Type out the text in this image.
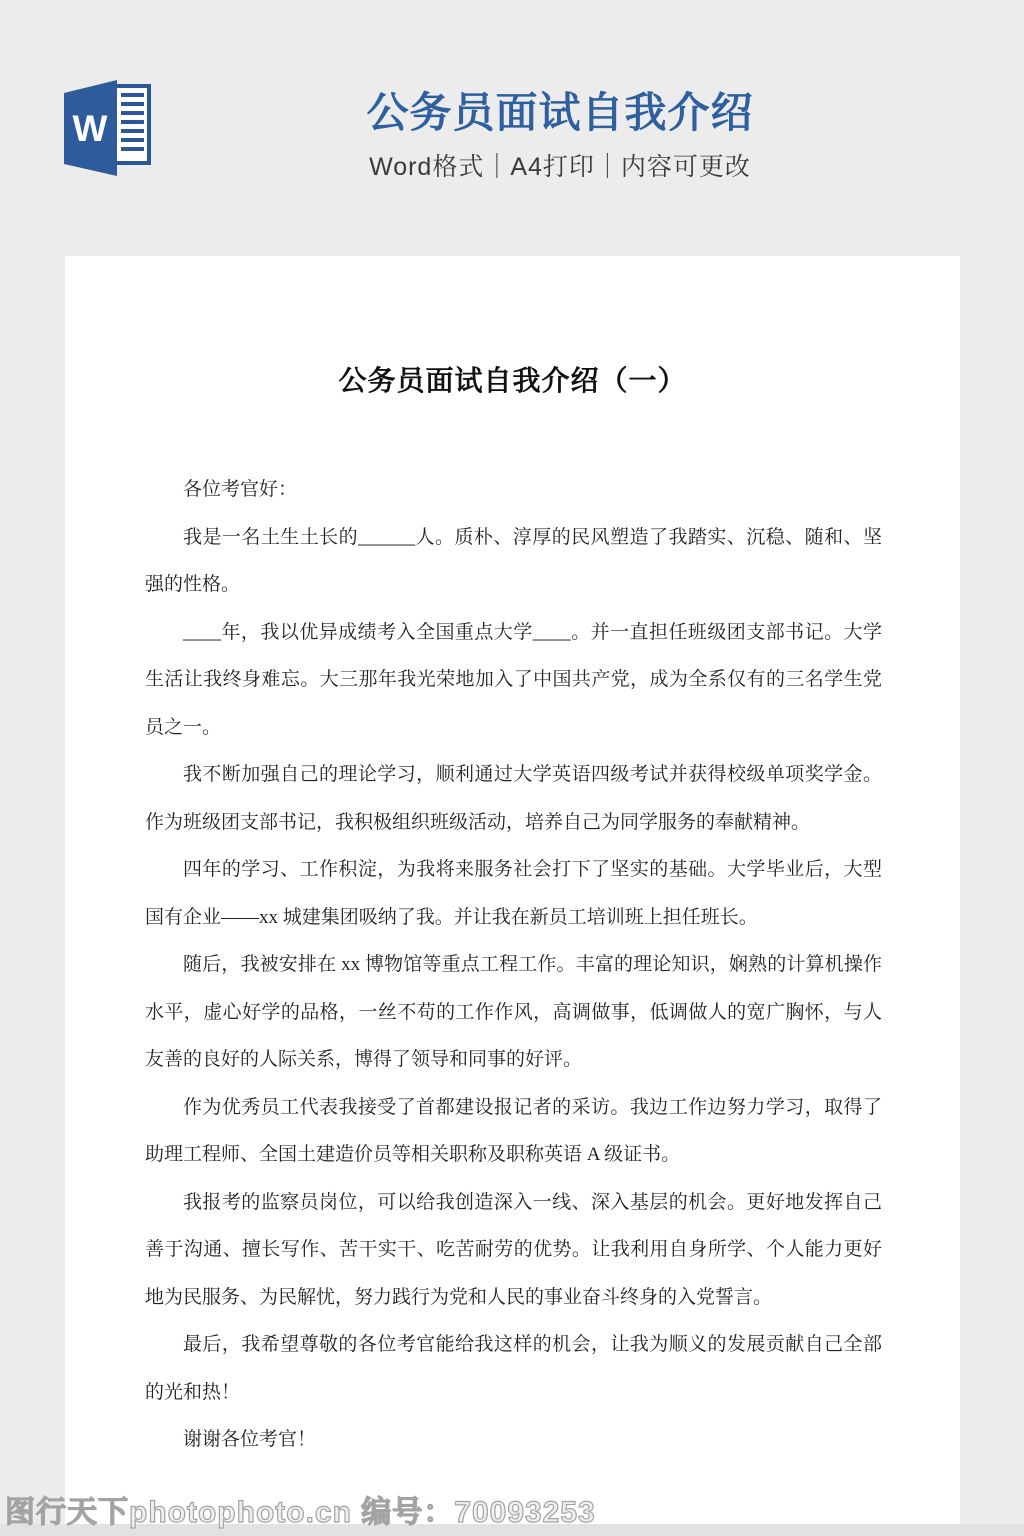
W	公务员面试自我介绍
Word格式｜A4打印｜内容可更改
公务员面试自我介绍（一）

各位考官好：

我是一名土生土长的______人。质朴、淳厚的民风塑造了我踏实、沉稳、随和、坚强的性格。

____年，我以优异成绩考入全国重点大学____。并一直担任班级团支部书记。大学生活让我终身难忘。大三那年我光荣地加入了中国共产党，成为全系仅有的三名学生党员之一。

我不断加强自己的理论学习，顺利通过大学英语四级考试并获得校级单项奖学金。作为班级团支部书记，我积极组织班级活动，培养自己为同学服务的奉献精神。

四年的学习、工作积淀，为我将来服务社会打下了坚实的基础。大学毕业后，大型国有企业——xx 城建集团吸纳了我。并让我在新员工培训班上担任班长。

随后，我被安排在 xx 博物馆等重点工程工作。丰富的理论知识，娴熟的计算机操作水平，虚心好学的品格，一丝不苟的工作作风，高调做事，低调做人的宽广胸怀，与人友善的良好的人际关系，博得了领导和同事的好评。

作为优秀员工代表我接受了首都建设报记者的采访。我边工作边努力学习，取得了助理工程师、全国土建造价员等相关职称及职称英语 A 级证书。

我报考的监察员岗位，可以给我创造深入一线、深入基层的机会。更好地发挥自己善于沟通、擅长写作、苦干实干、吃苦耐劳的优势。让我利用自身所学、个人能力更好地为民服务、为民解忧，努力践行为党和人民的事业奋斗终身的入党誓言。

最后，我希望尊敬的各位考官能给我这样的机会，让我为顺义的发展贡献自己全部的光和热！

谢谢各位考官！

图行天下photophoto.cn 编号：70093253
